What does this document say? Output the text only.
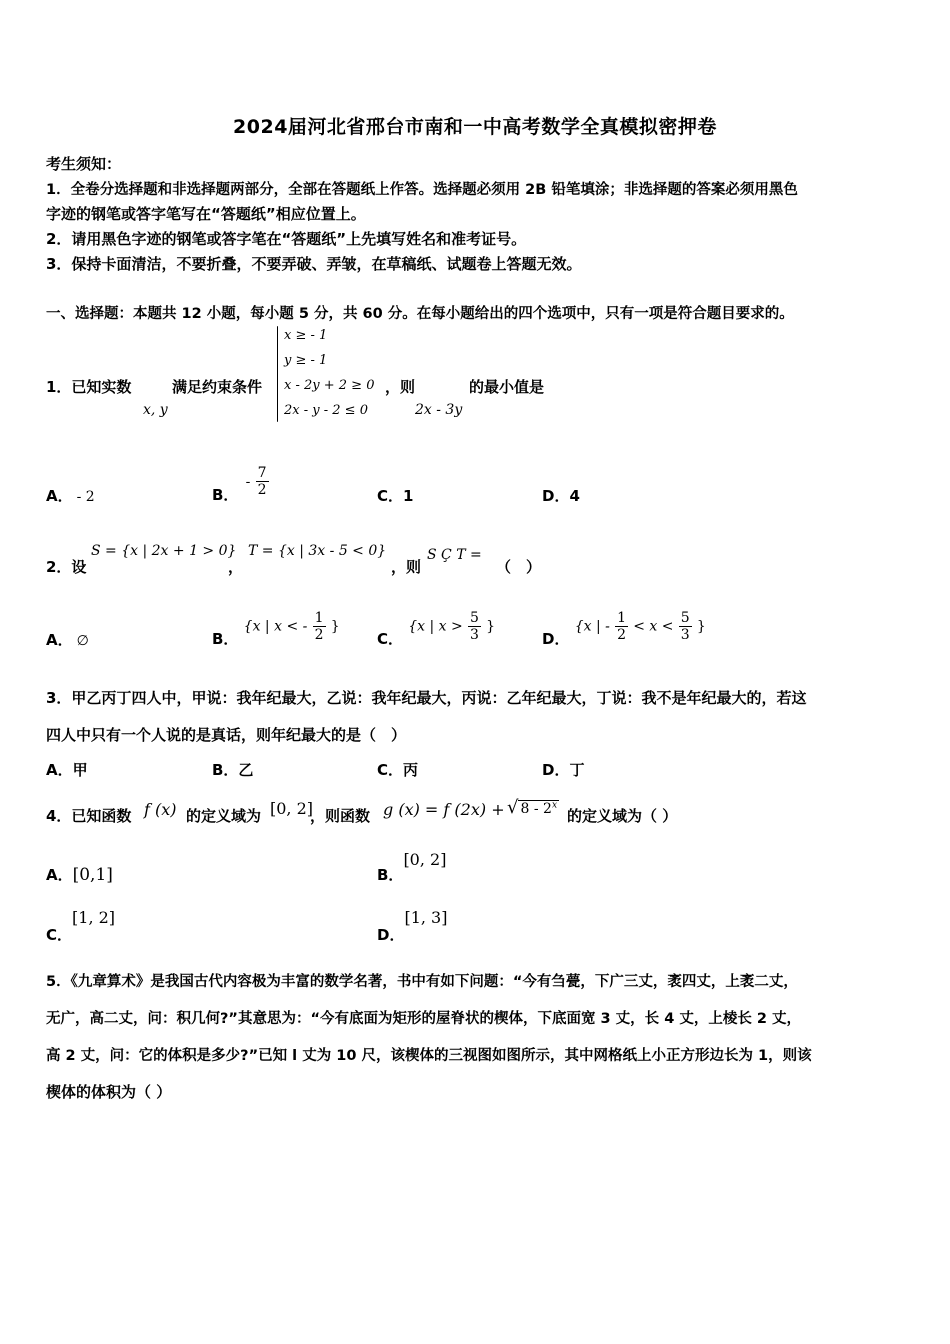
2024届河北省邢台市南和一中高考数学全真模拟密押卷
考生须知：
1．全卷分选择题和非选择题两部分，全部在答题纸上作答。选择题必须用 2B 铅笔填涂；非选择题的答案必须用黑色
字迹的钢笔或答字笔写在“答题纸”相应位置上。
2．请用黑色字迹的钢笔或答字笔在“答题纸”上先填写姓名和准考证号。
3．保持卡面清洁，不要折叠，不要弄破、弄皱，在草稿纸、试题卷上答题无效。
一、选择题：本题共 12 小题，每小题 5 分，共 60 分。在每小题给出的四个选项中，只有一项是符合题目要求的。
1．已知实数
x, y
满足约束条件
x ≥ - 1
y ≥ - 1
x - 2y + 2 ≥ 0
2x - y - 2 ≤ 0
，则
2x - 3y
的最小值是
A． - 2	B． - $\frac{7}{2}$	C．1	D．4
2．设
S = {x | 2x + 1 > 0}
，
T = {x | 3x - 5 < 0}
，则
S Ç T =
（　）
A． ∅	B． {x | x < - $\frac{1}{2}$ }
C． {x | $x > \frac{5}{3}$ }
D． {x | - $\frac{1}{2} < x < \frac{5}{3}$ }
3．甲乙丙丁四人中，甲说：我年纪最大，乙说：我年纪最大，丙说：乙年纪最大，丁说：我不是年纪最大的，若这
四人中只有一个人说的是真话，则年纪最大的是（　）
A．甲	B．乙	C．丙	D．丁
4．已知函数 f (x) 的定义域为 [0, 2]
，则函数 g (x) = f (2x) + √ 8 - 2$^x$
的定义域为（ ）
A．[0,1]	B．[0, 2]
C．[1, 2]
D．[1, 3]
5．《九章算术》是我国古代内容极为丰富的数学名著，书中有如下问题：“今有刍甍，下广三丈，袤四丈，上袤二丈，
无广，高二丈，问：积几何?”其意思为：“今有底面为矩形的屋脊状的楔体，下底面宽 3 丈，长 4 丈，上棱长 2 丈，
高 2 丈，问：它的体积是多少?”已知 l 丈为 10 尺，该楔体的三视图如图所示，其中网格纸上小正方形边长为 1，则该
楔体的体积为（ ）
